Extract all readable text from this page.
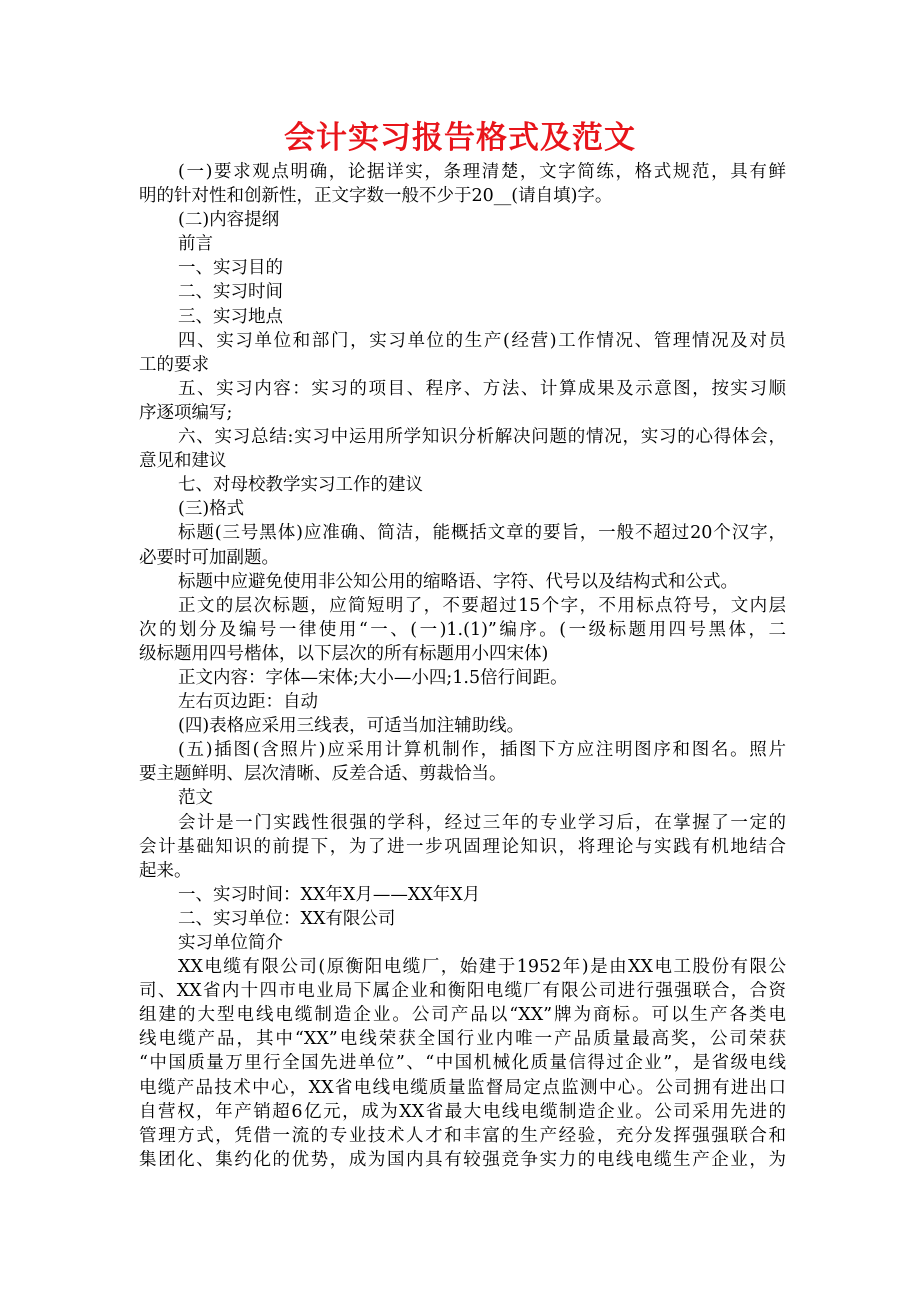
会计实习报告格式及范文
(一)要求观点明确，论据详实，条理清楚，文字简练，格式规范，具有鲜
明的针对性和创新性，正文字数一般不少于20__(请自填)字。
(二)内容提纲
前言
一、实习目的
二、实习时间
三、实习地点
四、实习单位和部门，实习单位的生产(经营)工作情况、管理情况及对员
工的要求
五、实习内容：实习的项目、程序、方法、计算成果及示意图，按实习顺
序逐项编写;
六、实习总结:实习中运用所学知识分析解决问题的情况，实习的心得体会，
意见和建议
七、对母校教学实习工作的建议
(三)格式
标题(三号黑体)应准确、简洁，能概括文章的要旨，一般不超过20个汉字，
必要时可加副题。
标题中应避免使用非公知公用的缩略语、字符、代号以及结构式和公式。
正文的层次标题，应简短明了，不要超过15个字，不用标点符号，文内层
次的划分及编号一律使用“一、(一)1.(1)”编序。(一级标题用四号黑体，二
级标题用四号楷体，以下层次的所有标题用小四宋体)
正文内容：字体—宋体;大小—小四;1.5倍行间距。
左右页边距：自动
(四)表格应采用三线表，可适当加注辅助线。
(五)插图(含照片)应采用计算机制作，插图下方应注明图序和图名。照片
要主题鲜明、层次清晰、反差合适、剪裁恰当。
范文
会计是一门实践性很强的学科，经过三年的专业学习后，在掌握了一定的
会计基础知识的前提下，为了进一步巩固理论知识，将理论与实践有机地结合
起来。
一、实习时间：XX年X月——XX年X月
二、实习单位：XX有限公司
实习单位简介
XX电缆有限公司(原衡阳电缆厂，始建于1952年)是由XX电工股份有限公
司、XX省内十四市电业局下属企业和衡阳电缆厂有限公司进行强强联合，合资
组建的大型电线电缆制造企业。公司产品以“XX”牌为商标。可以生产各类电
线电缆产品，其中“XX”电线荣获全国行业内唯一产品质量最高奖，公司荣获
“中国质量万里行全国先进单位”、“中国机械化质量信得过企业”，是省级电线
电缆产品技术中心，XX省电线电缆质量监督局定点监测中心。公司拥有进出口
自营权，年产销超6亿元，成为XX省最大电线电缆制造企业。公司采用先进的
管理方式，凭借一流的专业技术人才和丰富的生产经验，充分发挥强强联合和
集团化、集约化的优势，成为国内具有较强竞争实力的电线电缆生产企业，为
